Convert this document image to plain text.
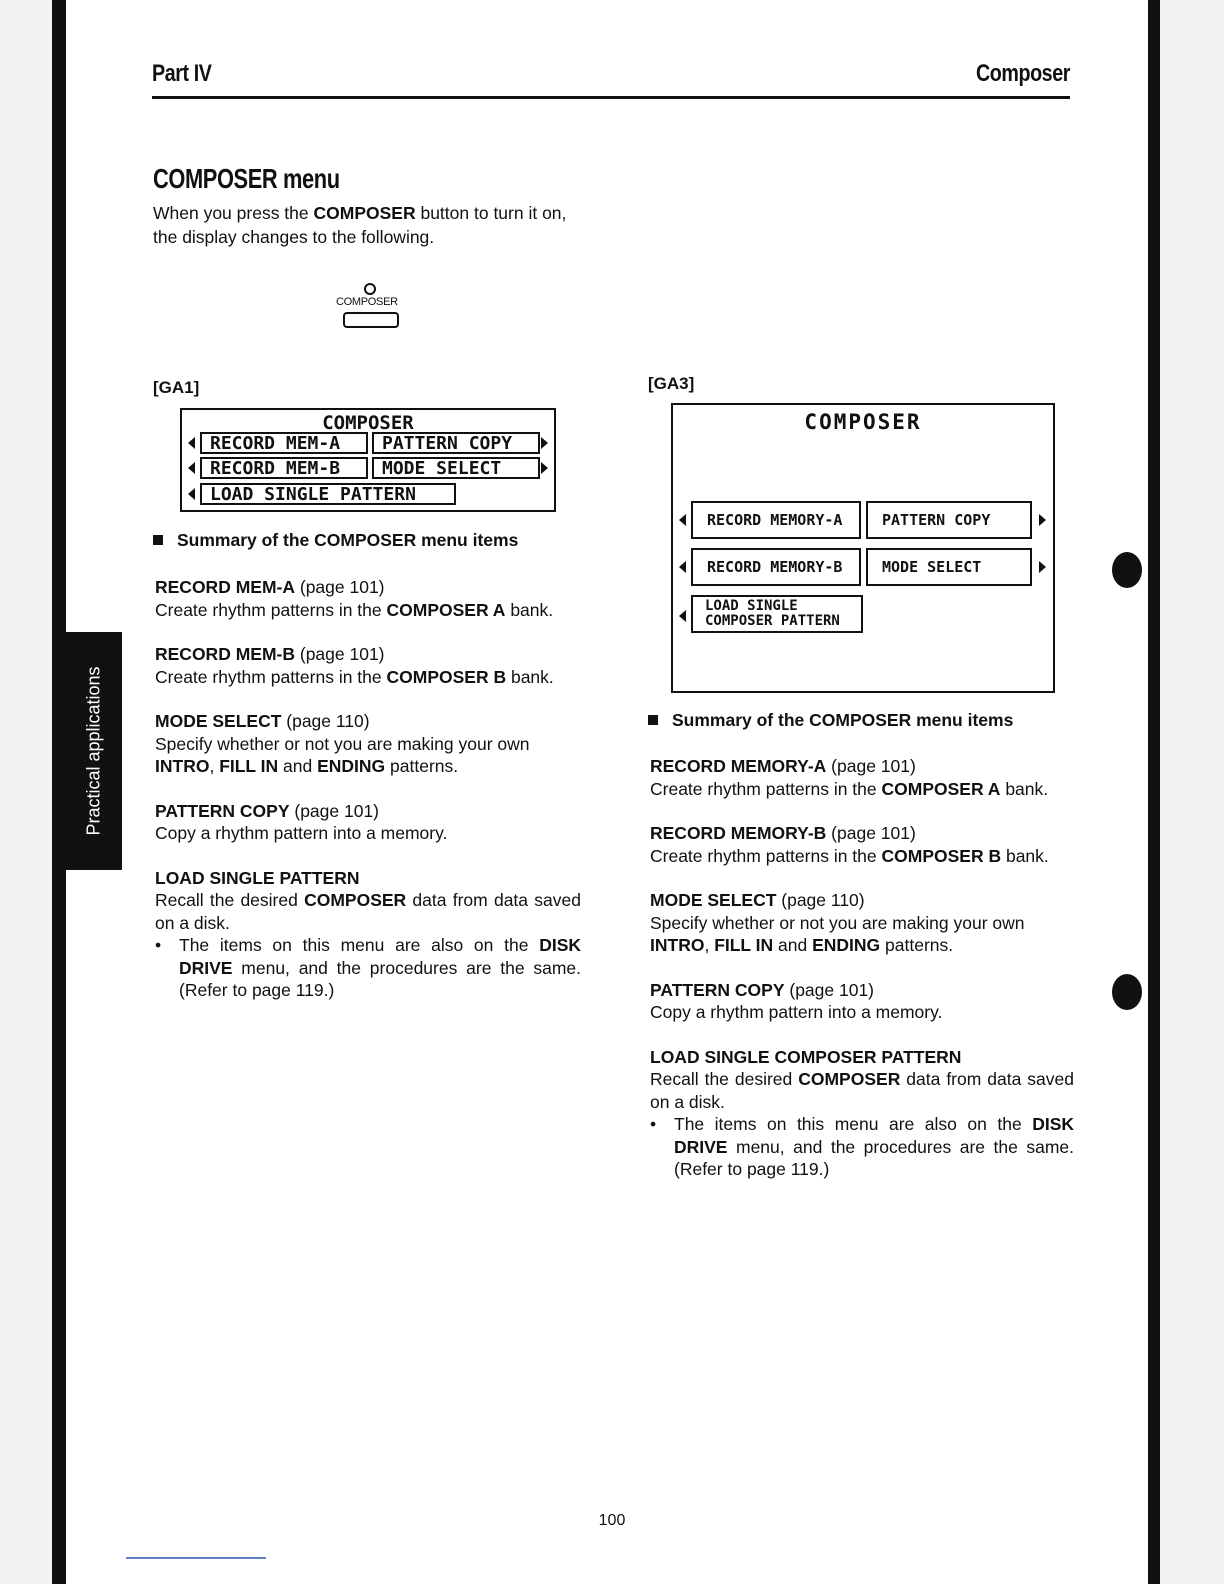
Part IV	Composer
Practical applications
COMPOSER menu
When you press the COMPOSER button to turn it on, the display changes to the following.
COMPOSER
[GA1]
COMPOSER
RECORD MEM-A	PATTERN COPY
RECORD MEM-B	MODE SELECT
LOAD SINGLE PATTERN
[GA3]
COMPOSER
RECORD MEMORY-A	PATTERN COPY
RECORD MEMORY-B	MODE SELECT
LOAD SINGLE
COMPOSER PATTERN
Summary of the COMPOSER menu items
Summary of the COMPOSER menu items
RECORD MEM-A (page 101)
Create rhythm patterns in the COMPOSER A bank.
RECORD MEM-B (page 101)
Create rhythm patterns in the COMPOSER B bank.
MODE SELECT (page 110)
Specify whether or not you are making your own INTRO, FILL IN and ENDING patterns.
PATTERN COPY (page 101)
Copy a rhythm pattern into a memory.
LOAD SINGLE PATTERN
Recall the desired COMPOSER data from data saved on a disk.
•	The items on this menu are also on the DISK DRIVE menu, and the procedures are the same. (Refer to page 119.)
RECORD MEMORY-A (page 101)
Create rhythm patterns in the COMPOSER A bank.
RECORD MEMORY-B (page 101)
Create rhythm patterns in the COMPOSER B bank.
MODE SELECT (page 110)
Specify whether or not you are making your own INTRO, FILL IN and ENDING patterns.
PATTERN COPY (page 101)
Copy a rhythm pattern into a memory.
LOAD SINGLE COMPOSER PATTERN
Recall the desired COMPOSER data from data saved on a disk.
•	The items on this menu are also on the DISK DRIVE menu, and the procedures are the same. (Refer to page 119.)
100
